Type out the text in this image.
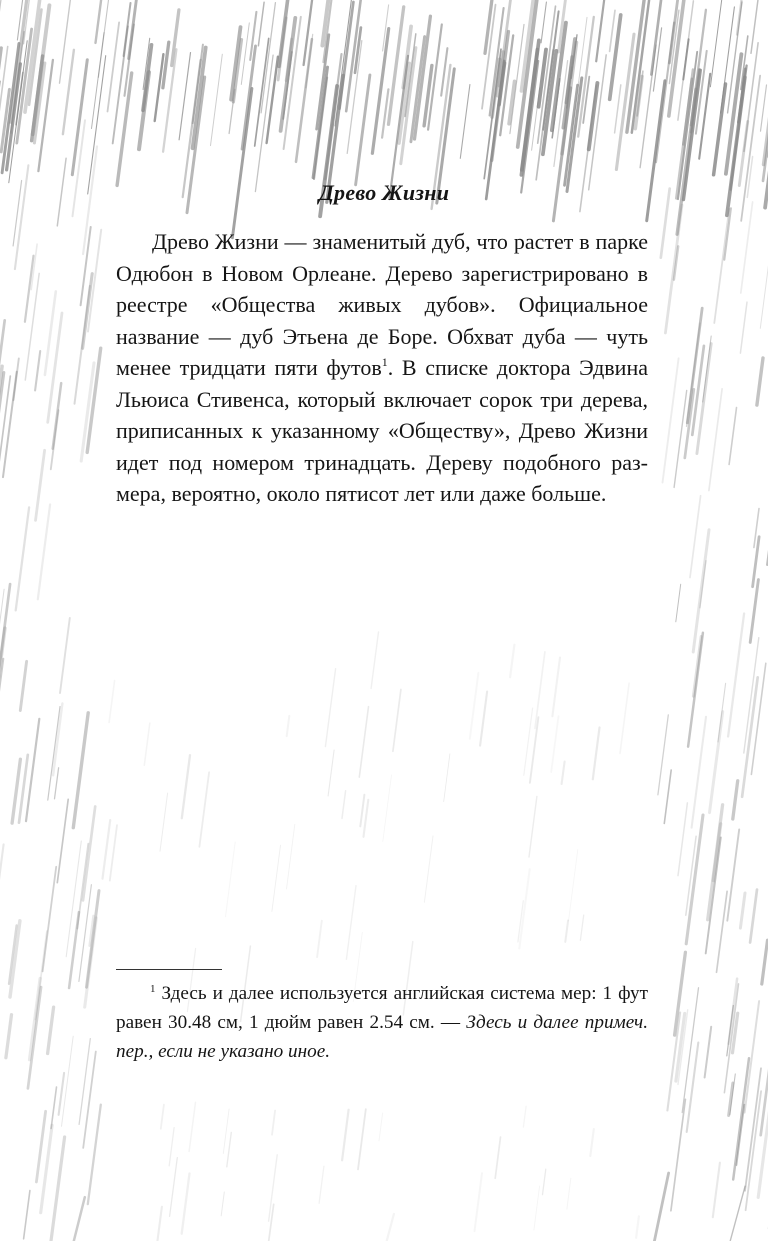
Древо Жизни

Древо Жизни — знаменитый дуб, что растет в парке Одюбон в Новом Орлеане. Дерево зарегистрировано в реестре «Общества живых дубов». Официальное название — дуб Этьена де Боре. Обхват дуба — чуть менее тридцати пяти футов$^1$. В списке доктора Эдвина Льюиса Стивенса, который включает сорок три дерева, приписанных к указанному «Обществу», Древо Жизни идет под номером тринадцать. Дереву подобного размера, вероятно, около пятисот лет или даже больше.

$^1$ Здесь и далее используется английская система мер: 1 фут равен 30.48 см, 1 дюйм равен 2.54 см. — Здесь и далее примеч. пер., если не указано иное.
